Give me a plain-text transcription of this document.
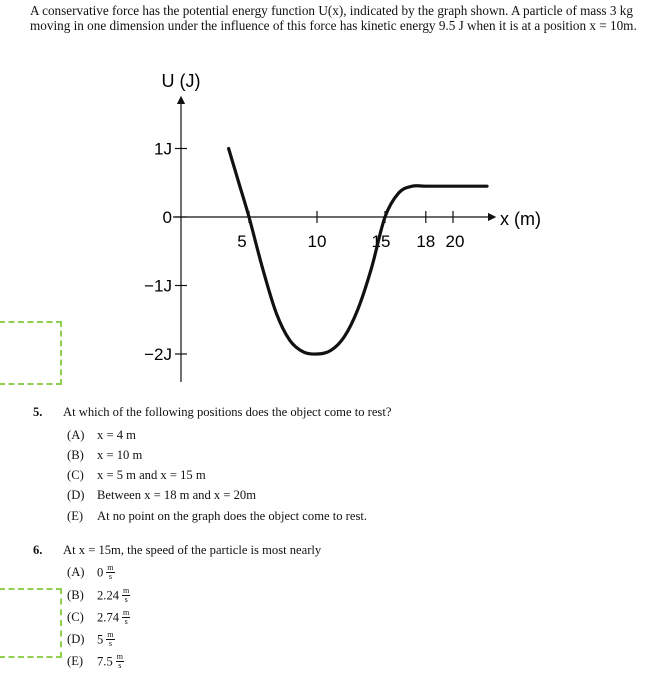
A conservative force has the potential energy function U(x), indicated by the graph shown. A particle of mass 3 kg
moving in one dimension under the influence of this force has kinetic energy 9.5 J when it is at a position x = 10m.
U (J)
x (m)
1J
0
−1J
−2J
5	10	15 18 20
5. At which of the following positions does the object come to rest?
(A) x = 4 m
(B) x = 10 m
(C) x = 5 m and x = 15 m
(D) Between x = 18 m and x = 20m
(E) At no point on the graph does the object come to rest.
6. At x = 15m, the speed of the particle is most nearly
(A) $0 \frac{m}{s}$
(B) $2.24 \frac{m}{s}$
(C) $2.74 \frac{m}{s}$
(D) $5 \frac{m}{s}$
(E) $7.5 \frac{m}{s}$
